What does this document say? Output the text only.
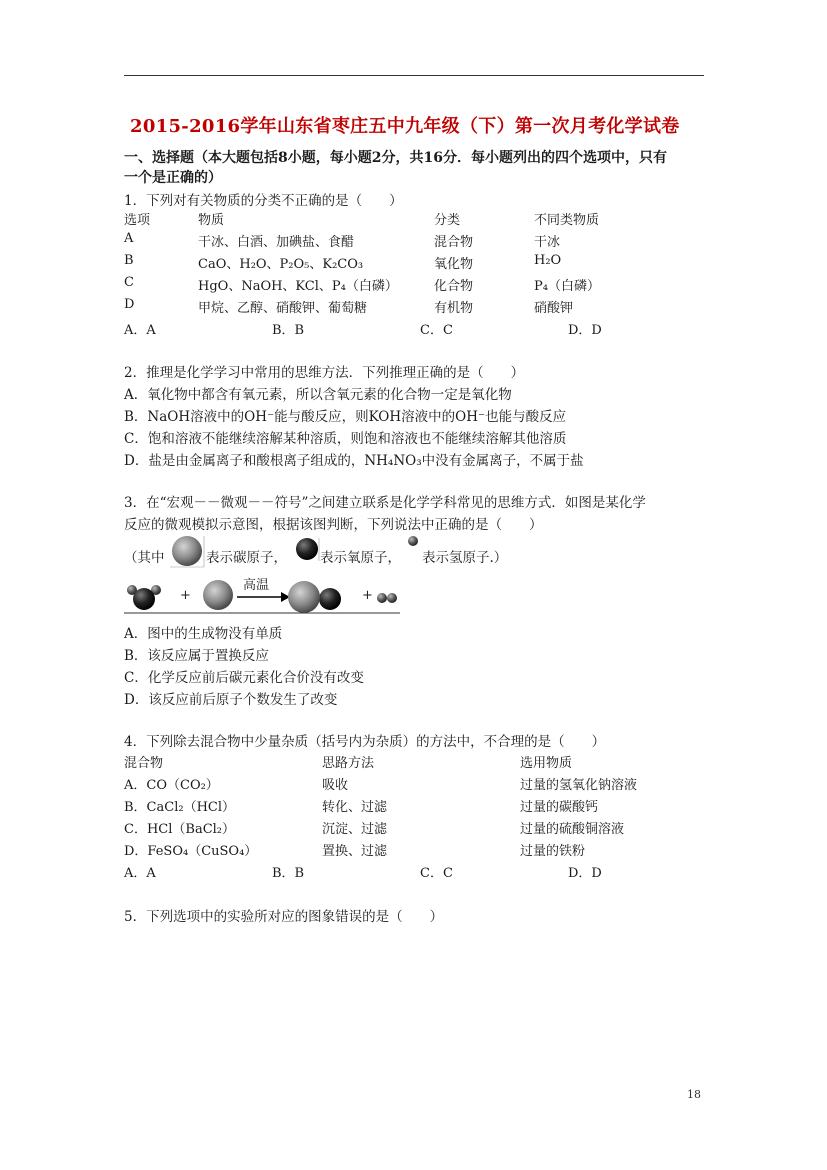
2015-2016学年山东省枣庄五中九年级（下）第一次月考化学试卷
一、选择题（本大题包括8小题，每小题2分，共16分．每小题列出的四个选项中，只有
一个是正确的）
1．下列对有关物质的分类不正确的是（　　）
选项	物质	分类	不同类物质
A	干冰、白酒、加碘盐、食醋	混合物	干冰
B	CaO、H₂O、P₂O₅、K₂CO₃	氧化物	H₂O
C	HgO、NaOH、KCl、P₄（白磷）	化合物	P₄（白磷）
D	甲烷、乙醇、硝酸钾、葡萄糖	有机物	硝酸钾
A．A	B．B	C．C	D．D
2．推理是化学学习中常用的思维方法．下列推理正确的是（　　）
A．氧化物中都含有氧元素，所以含氧元素的化合物一定是氧化物
B．NaOH溶液中的OH⁻能与酸反应，则KOH溶液中的OH⁻也能与酸反应
C．饱和溶液不能继续溶解某种溶质，则饱和溶液也不能继续溶解其他溶质
D．盐是由金属离子和酸根离子组成的，NH₄NO₃中没有金属离子，不属于盐
3．在“宏观－－微观－－符号”之间建立联系是化学学科常见的思维方式．如图是某化学
反应的微观模拟示意图，根据该图判断，下列说法中正确的是（　　）
（其中	表示碳原子， 表示氧原子， 表示氢原子.）
+	+
高温
A．图中的生成物没有单质
B．该反应属于置换反应
C．化学反应前后碳元素化合价没有改变
D．该反应前后原子个数发生了改变
4．下列除去混合物中少量杂质（括号内为杂质）的方法中，不合理的是（　　）
混合物	思路方法	选用物质
A．CO（CO₂）	吸收	过量的氢氧化钠溶液
B．CaCl₂（HCl）	转化、过滤	过量的碳酸钙
C．HCl（BaCl₂）	沉淀、过滤	过量的硫酸铜溶液
D．FeSO₄（CuSO₄）	置换、过滤	过量的铁粉
A．A	B．B	C．C	D．D
5．下列选项中的实验所对应的图象错误的是（　　）
18
